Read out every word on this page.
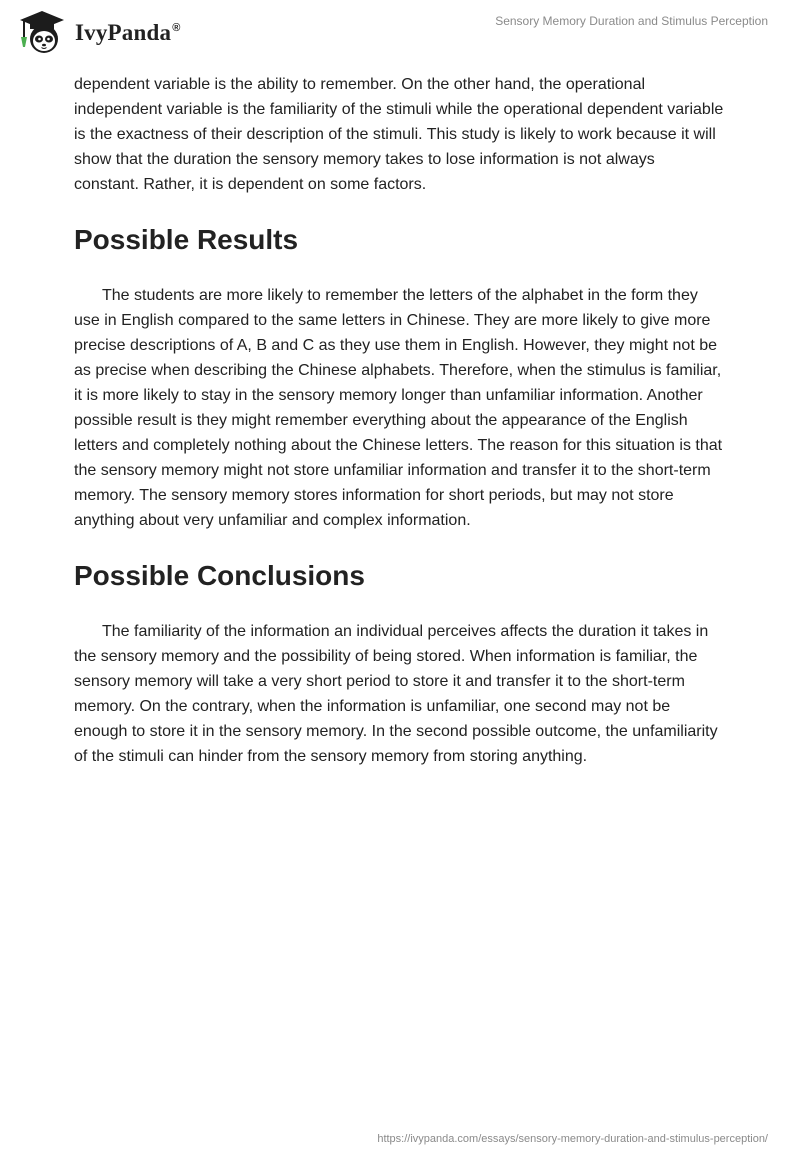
IvyPanda®	Sensory Memory Duration and Stimulus Perception

dependent variable is the ability to remember. On the other hand, the operational independent variable is the familiarity of the stimuli while the operational dependent variable is the exactness of their description of the stimuli. This study is likely to work because it will show that the duration the sensory memory takes to lose information is not always constant. Rather, it is dependent on some factors.

Possible Results

The students are more likely to remember the letters of the alphabet in the form they use in English compared to the same letters in Chinese. They are more likely to give more precise descriptions of A, B and C as they use them in English. However, they might not be as precise when describing the Chinese alphabets. Therefore, when the stimulus is familiar, it is more likely to stay in the sensory memory longer than unfamiliar information. Another possible result is they might remember everything about the appearance of the English letters and completely nothing about the Chinese letters. The reason for this situation is that the sensory memory might not store unfamiliar information and transfer it to the short-term memory. The sensory memory stores information for short periods, but may not store anything about very unfamiliar and complex information.

Possible Conclusions

The familiarity of the information an individual perceives affects the duration it takes in the sensory memory and the possibility of being stored. When information is familiar, the sensory memory will take a very short period to store it and transfer it to the short-term memory. On the contrary, when the information is unfamiliar, one second may not be enough to store it in the sensory memory. In the second possible outcome, the unfamiliarity of the stimuli can hinder from the sensory memory from storing anything.

https://ivypanda.com/essays/sensory-memory-duration-and-stimulus-perception/
